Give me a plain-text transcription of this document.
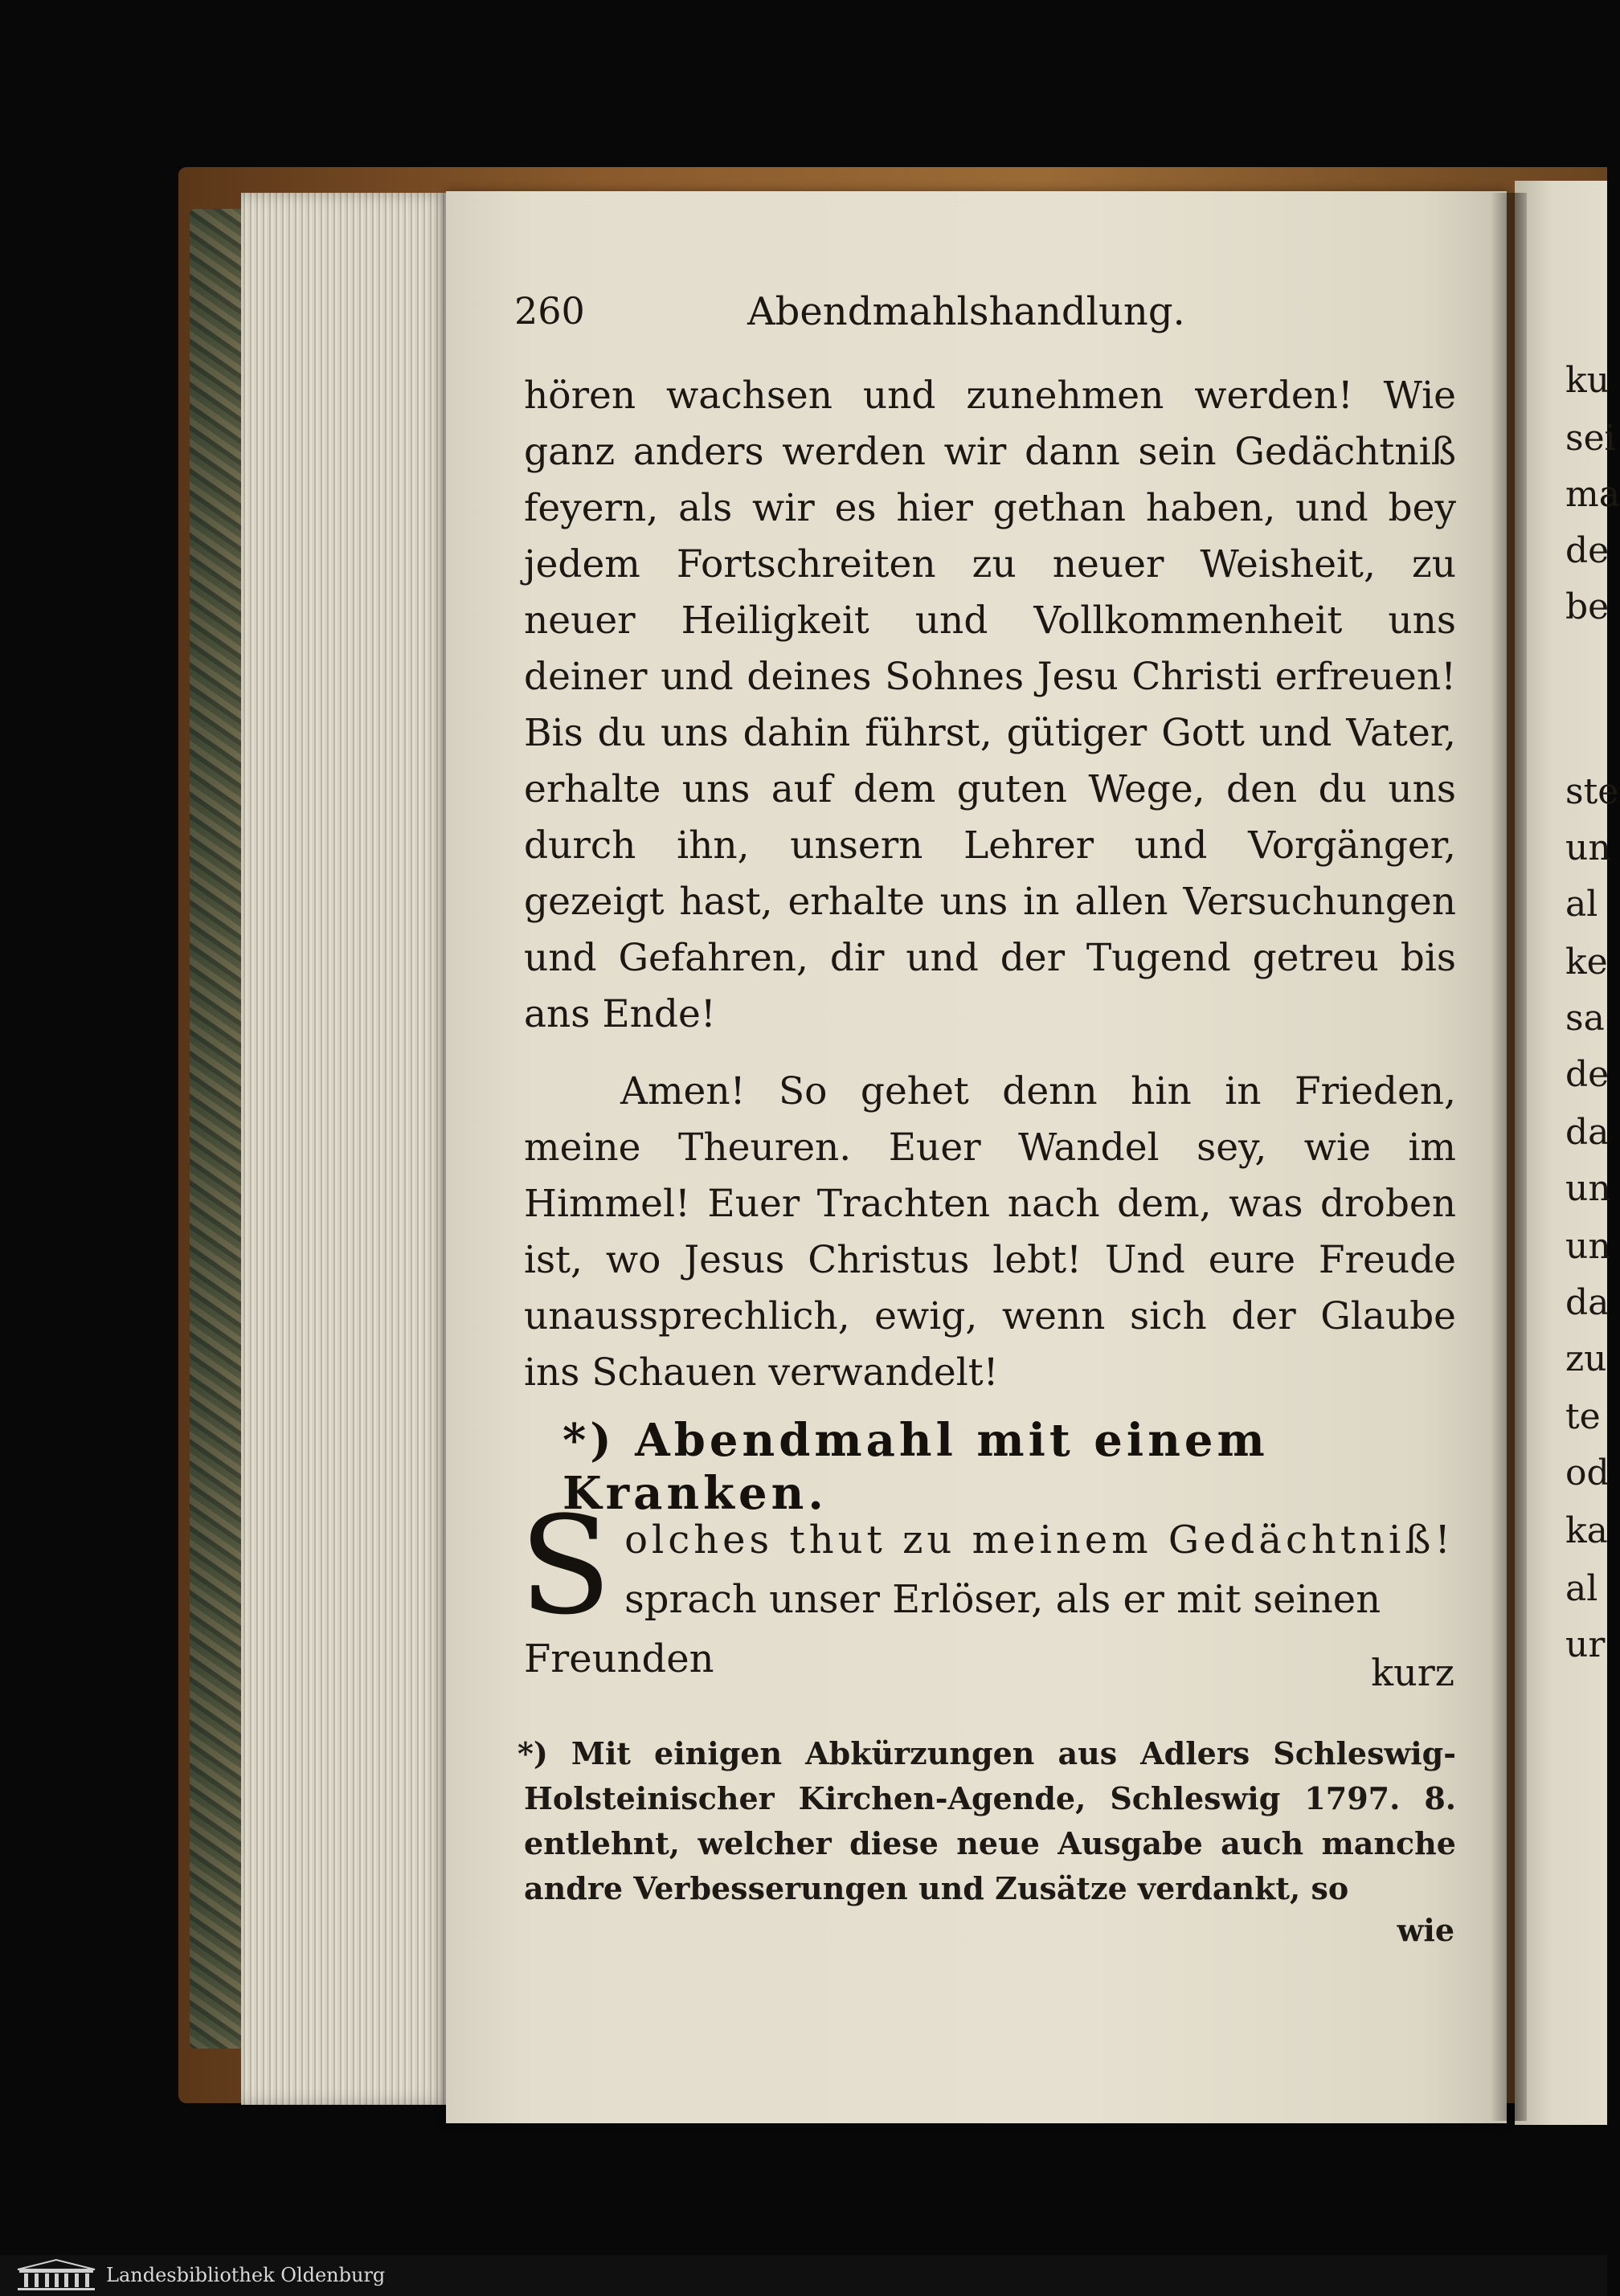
260	Abendmahlshandlung.

hören wachsen und zunehmen werden! Wie ganz anders werden wir dann sein Gedächtniß feyern, als wir es hier gethan haben, und bey jedem Fortschreiten zu neuer Weisheit, zu neuer Heiligkeit und Vollkommenheit uns deiner und deines Sohnes Jesu Christi erfreuen! Bis du uns dahin führst, gütiger Gott und Vater, erhalte uns auf dem guten Wege, den du uns durch ihn, unsern Lehrer und Vorgänger, gezeigt hast, erhalte uns in allen Versuchungen und Gefahren, dir und der Tugend getreu bis ans Ende!

Amen! So gehet denn hin in Frieden, meine Theuren. Euer Wandel sey, wie im Himmel! Euer Trachten nach dem, was droben ist, wo Jesus Christus lebt! Und eure Freude unaussprechlich, ewig, wenn sich der Glaube ins Schauen verwandelt!

*) Abendmahl mit einem Kranken.
S olches thut zu meinem Gedächtniß!
sprach unser Erlöser, als er mit seinen Freunden	kurz
*) Mit einigen Abkürzungen aus Adlers Schleswig-Holsteinischer Kirchen-Agende, Schleswig 1797. 8. entlehnt, welcher diese neue Ausgabe auch manche andre Verbesserungen und Zusätze verdankt, so
wie
ku
sei
ma
de
be
ste
un
al
ke
sa
de
da
un
un
da
zu
te
od
ka
al
ur
Landesbibliothek Oldenburg
